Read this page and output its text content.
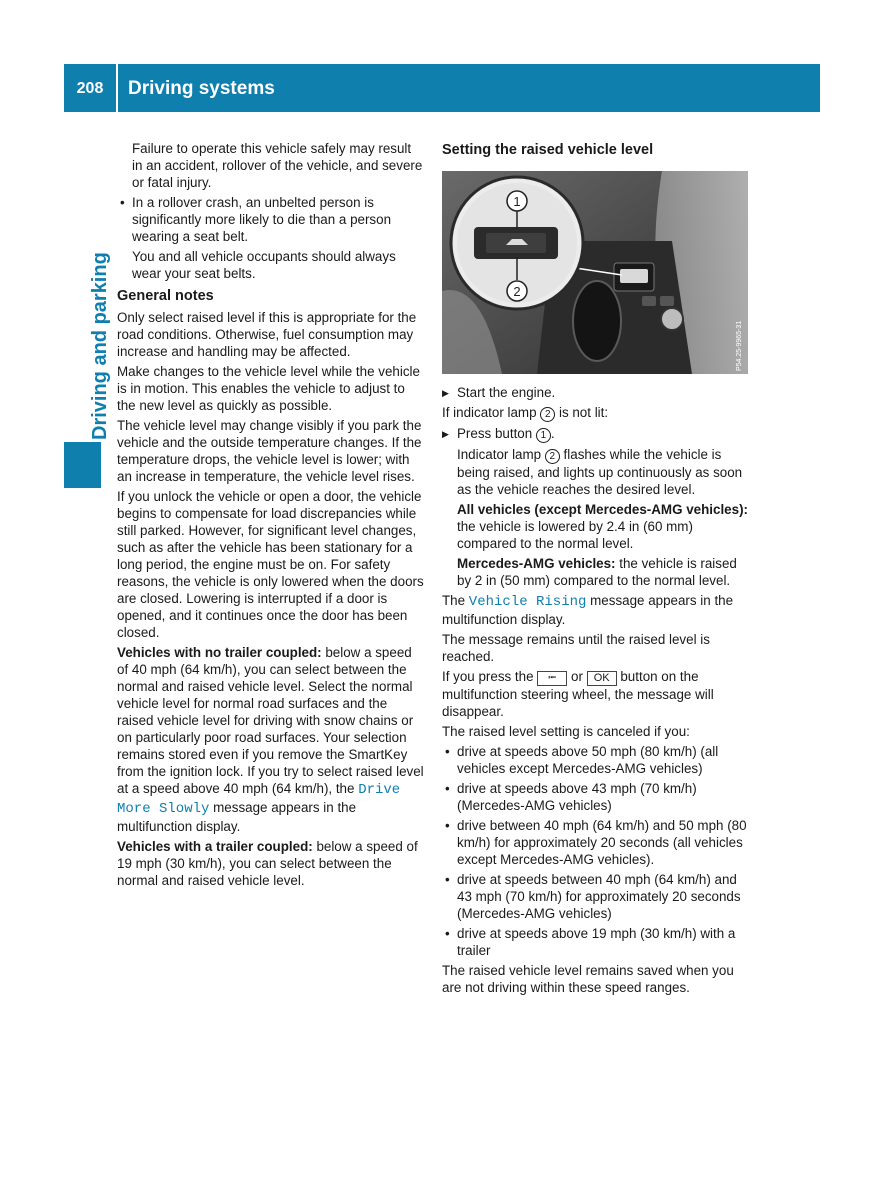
208	Driving systems
Driving and parking

Failure to operate this vehicle safely may result in an accident, rollover of the vehicle, and severe or fatal injury.

• In a rollover crash, an unbelted person is significantly more likely to die than a person wearing a seat belt.

You and all vehicle occupants should always wear your seat belts.

General notes

Only select raised level if this is appropriate for the road conditions. Otherwise, fuel consumption may increase and handling may be affected.

Make changes to the vehicle level while the vehicle is in motion. This enables the vehicle to adjust to the new level as quickly as possible.

The vehicle level may change visibly if you park the vehicle and the outside temperature changes. If the temperature drops, the vehicle level is lower; with an increase in temperature, the vehicle level rises.

If you unlock the vehicle or open a door, the vehicle begins to compensate for load discrepancies while still parked. However, for significant level changes, such as after the vehicle has been stationary for a long period, the engine must be on. For safety reasons, the vehicle is only lowered when the doors are closed. Lowering is interrupted if a door is opened, and it continues once the door has been closed.

Vehicles with no trailer coupled: below a speed of 40 mph (64 km/h), you can select between the normal and raised vehicle level. Select the normal vehicle level for normal road surfaces and the raised vehicle level for driving with snow chains or on particularly poor road surfaces. Your selection remains stored even if you remove the SmartKey from the ignition lock. If you try to select raised level at a speed above 40 mph (64 km/h), the Drive More Slowly message appears in the multifunction display.

Vehicles with a trailer coupled: below a speed of 19 mph (30 km/h), you can select between the normal and raised vehicle level.

Setting the raised vehicle level
1
2
P54.25-9965-31
▶ Start the engine.

If indicator lamp 2 is not lit:

▶ Press button 1 .

Indicator lamp 2 flashes while the vehicle is being raised, and lights up continuously as soon as the vehicle reaches the desired level.

All vehicles (except Mercedes-AMG vehicles): the vehicle is lowered by 2.4 in (60 mm) compared to the normal level.

Mercedes-AMG vehicles: the vehicle is raised by 2 in (50 mm) compared to the normal level.

The Vehicle Rising message appears in the multifunction display.

The message remains until the raised level is reached.

If you press the ⭰ or OK button on the multifunction steering wheel, the message will disappear.

The raised level setting is canceled if you:

• drive at speeds above 50 mph (80 km/h) (all vehicles except Mercedes-AMG vehicles)
• drive at speeds above 43 mph (70 km/h) (Mercedes-AMG vehicles)
• drive between 40 mph (64 km/h) and 50 mph (80 km/h) for approximately 20 seconds (all vehicles except Mercedes-AMG vehicles).
• drive at speeds between 40 mph (64 km/h) and 43 mph (70 km/h) for approximately 20 seconds (Mercedes-AMG vehicles)
• drive at speeds above 19 mph (30 km/h) with a trailer

The raised vehicle level remains saved when you are not driving within these speed ranges.
